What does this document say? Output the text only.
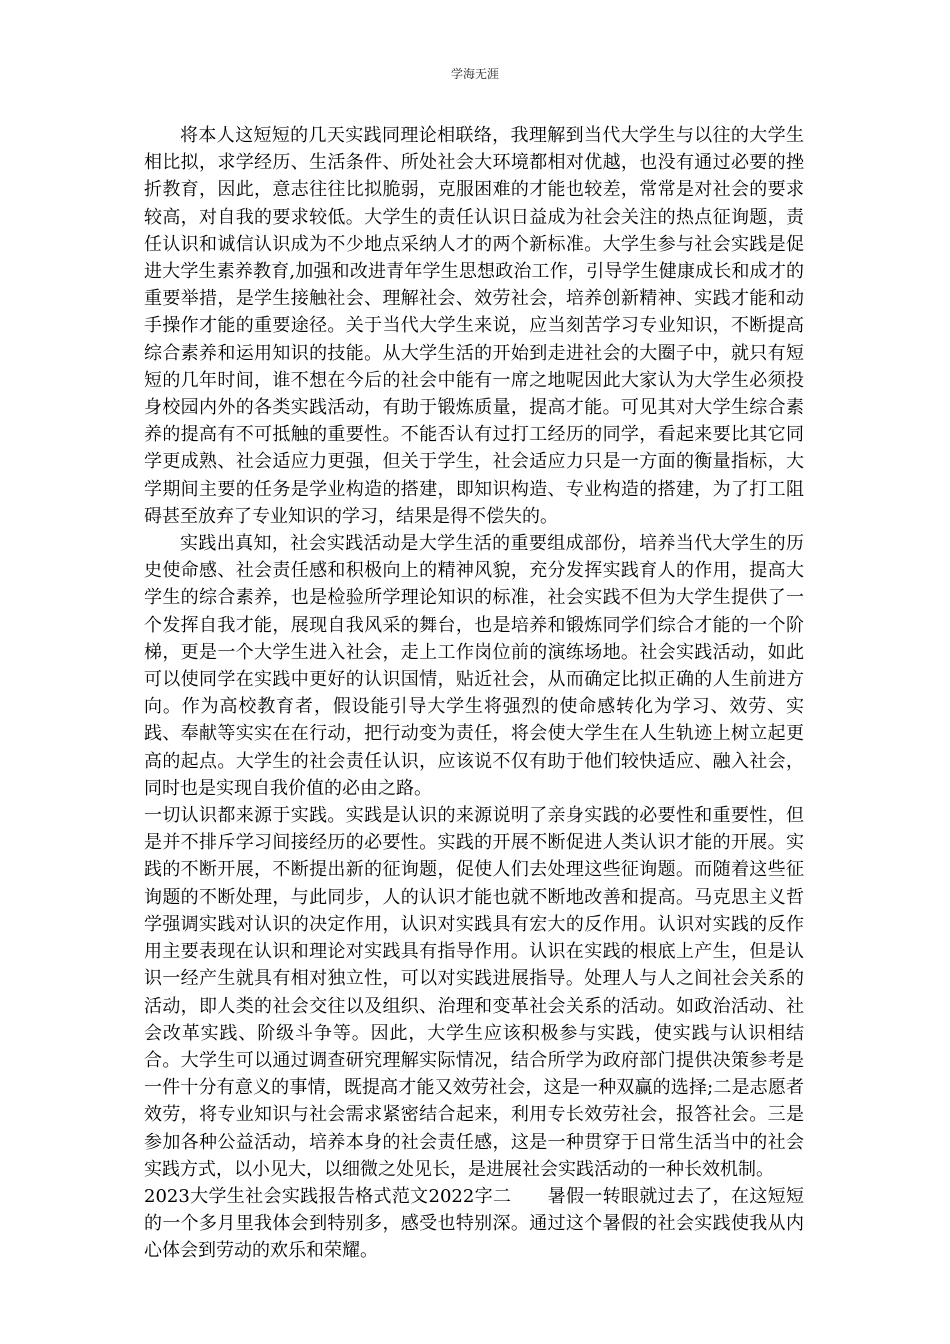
学海无涯

将本人这短短的几天实践同理论相联络，我理解到当代大学生与以往的大学生相比拟，求学经历、生活条件、所处社会大环境都相对优越，也没有通过必要的挫折教育，因此，意志往往比拟脆弱，克服困难的才能也较差，常常是对社会的要求较高，对自我的要求较低。大学生的责任认识日益成为社会关注的热点征询题，责任认识和诚信认识成为不少地点采纳人才的两个新标准。大学生参与社会实践是促进大学生素养教育,加强和改进青年学生思想政治工作，引导学生健康成长和成才的重要举措，是学生接触社会、理解社会、效劳社会，培养创新精神、实践才能和动手操作才能的重要途径。关于当代大学生来说，应当刻苦学习专业知识，不断提高综合素养和运用知识的技能。从大学生活的开始到走进社会的大圈子中，就只有短短的几年时间，谁不想在今后的社会中能有一席之地呢因此大家认为大学生必须投身校园内外的各类实践活动，有助于锻炼质量，提高才能。可见其对大学生综合素养的提高有不可抵触的重要性。不能否认有过打工经历的同学，看起来要比其它同学更成熟、社会适应力更强，但关于学生，社会适应力只是一方面的衡量指标，大学期间主要的任务是学业构造的搭建，即知识构造、专业构造的搭建，为了打工阻碍甚至放弃了专业知识的学习，结果是得不偿失的。

实践出真知，社会实践活动是大学生活的重要组成部份，培养当代大学生的历史使命感、社会责任感和积极向上的精神风貌，充分发挥实践育人的作用，提高大学生的综合素养，也是检验所学理论知识的标准，社会实践不但为大学生提供了一个发挥自我才能，展现自我风采的舞台，也是培养和锻炼同学们综合才能的一个阶梯，更是一个大学生进入社会，走上工作岗位前的演练场地。社会实践活动，如此可以使同学在实践中更好的认识国情，贴近社会，从而确定比拟正确的人生前进方向。作为高校教育者，假设能引导大学生将强烈的使命感转化为学习、效劳、实践、奉献等实实在在行动，把行动变为责任，将会使大学生在人生轨迹上树立起更高的起点。大学生的社会责任认识，应该说不仅有助于他们较快适应、融入社会，同时也是实现自我价值的必由之路。

一切认识都来源于实践。实践是认识的来源说明了亲身实践的必要性和重要性，但是并不排斥学习间接经历的必要性。实践的开展不断促进人类认识才能的开展。实践的不断开展，不断提出新的征询题，促使人们去处理这些征询题。而随着这些征询题的不断处理，与此同步，人的认识才能也就不断地改善和提高。马克思主义哲学强调实践对认识的决定作用，认识对实践具有宏大的反作用。认识对实践的反作用主要表现在认识和理论对实践具有指导作用。认识在实践的根底上产生，但是认识一经产生就具有相对独立性，可以对实践进展指导。处理人与人之间社会关系的活动，即人类的社会交往以及组织、治理和变革社会关系的活动。如政治活动、社会改革实践、阶级斗争等。因此，大学生应该积极参与实践，使实践与认识相结合。大学生可以通过调查研究理解实际情况，结合所学为政府部门提供决策参考是一件十分有意义的事情，既提高才能又效劳社会，这是一种双赢的选择;二是志愿者效劳，将专业知识与社会需求紧密结合起来，利用专长效劳社会，报答社会。三是参加各种公益活动，培养本身的社会责任感，这是一种贯穿于日常生活当中的社会实践方式，以小见大，以细微之处见长，是进展社会实践活动的一种长效机制。

2023大学生社会实践报告格式范文2022字二 暑假一转眼就过去了，在这短短的一个多月里我体会到特别多，感受也特别深。通过这个暑假的社会实践使我从内心体会到劳动的欢乐和荣耀。
